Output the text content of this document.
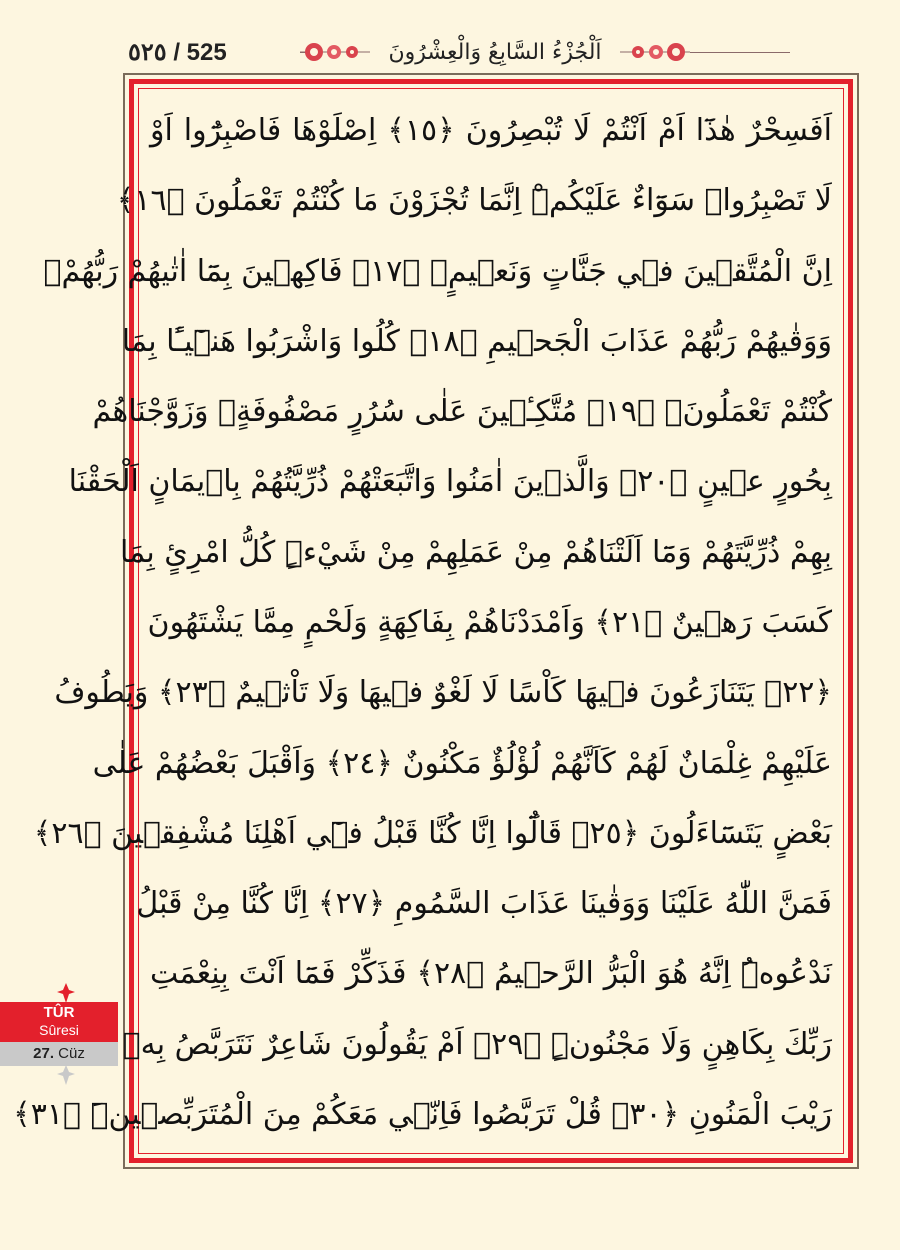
٥٢٥ / 525	اَلْجُزْءُ السَّابِعُ وَالْعِشْرُونَ
اَفَسِحْرٌ هٰذَٓا اَمْ اَنْتُمْ لَا تُبْصِرُونَ ﴿١٥﴾ اِصْلَوْهَا فَاصْبِرُٓوا اَوْ
لَا تَصْبِرُواۚ سَوَٓاءٌ عَلَيْكُمْۜ اِنَّمَا تُجْزَوْنَ مَا كُنْتُمْ تَعْمَلُونَ ﴿١٦﴾
اِنَّ الْمُتَّقٖينَ فٖي جَنَّاتٍ وَنَعٖيمٍۙ ﴿١٧﴾ فَاكِهٖينَ بِمَٓا اٰتٰيهُمْ رَبُّهُمْۚ
وَوَقٰيهُمْ رَبُّهُمْ عَذَابَ الْجَحٖيمِ ﴿١٨﴾ كُلُوا وَاشْرَبُوا هَنٖٓيـًٔا بِمَا
كُنْتُمْ تَعْمَلُونَۙ ﴿١٩﴾ مُتَّكِـٖٔينَ عَلٰى سُرُرٍ مَصْفُوفَةٍۚ وَزَوَّجْنَاهُمْ
بِحُورٍ عٖينٍ ﴿٢٠﴾ وَالَّذٖينَ اٰمَنُوا وَاتَّبَعَتْهُمْ ذُرِّيَّتُهُمْ بِاٖيمَانٍ اَلْحَقْنَا
بِهِمْ ذُرِّيَّتَهُمْ وَمَٓا اَلَتْنَاهُمْ مِنْ عَمَلِهِمْ مِنْ شَيْءٍۜ كُلُّ امْرِئٍ بِمَا
كَسَبَ رَهٖينٌ ﴿٢١﴾ وَاَمْدَدْنَاهُمْ بِفَاكِهَةٍ وَلَحْمٍ مِمَّا يَشْتَهُونَ
﴿٢٢﴾ يَتَنَازَعُونَ فٖيهَا كَاْسًا لَا لَغْوٌ فٖيهَا وَلَا تَاْثٖيمٌ ﴿٢٣﴾ وَيَطُوفُ
عَلَيْهِمْ غِلْمَانٌ لَهُمْ كَاَنَّهُمْ لُؤْلُؤٌ مَكْنُونٌ ﴿٢٤﴾ وَاَقْبَلَ بَعْضُهُمْ عَلٰى
بَعْضٍ يَتَسَٓاءَلُونَ ﴿٢٥﴾ قَالُٓوا اِنَّا كُنَّا قَبْلُ فٖٓي اَهْلِنَا مُشْفِقٖينَ ﴿٢٦﴾
فَمَنَّ اللّٰهُ عَلَيْنَا وَوَقٰينَا عَذَابَ السَّمُومِ ﴿٢٧﴾ اِنَّا كُنَّا مِنْ قَبْلُ
نَدْعُوهُۜ اِنَّهُ هُوَ الْبَرُّ الرَّحٖيمُ ﴿٢٨﴾ فَذَكِّرْ فَمَٓا اَنْتَ بِنِعْمَتِ
رَبِّكَ بِكَاهِنٍ وَلَا مَجْنُونٍۜ ﴿٢٩﴾ اَمْ يَقُولُونَ شَاعِرٌ نَتَرَبَّصُ بِهٖ
رَيْبَ الْمَنُونِ ﴿٣٠﴾ قُلْ تَرَبَّصُوا فَاِنّٖي مَعَكُمْ مِنَ الْمُتَرَبِّصٖينَۜ ﴿٣١﴾
TÛR
Sûresi
27. Cüz
